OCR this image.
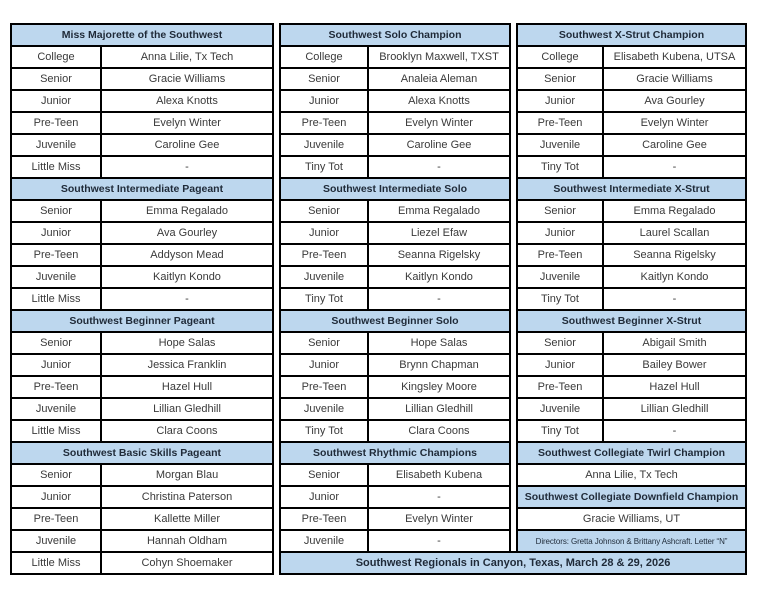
Miss Majorette of the Southwest
College	Anna Lilie, Tx Tech
Senior	Gracie Williams
Junior	Alexa Knotts
Pre-Teen	Evelyn Winter
Juvenile	Caroline Gee
Little Miss	-
Southwest Intermediate Pageant
Senior	Emma Regalado
Junior	Ava Gourley
Pre-Teen	Addyson Mead
Juvenile	Kaitlyn Kondo
Little Miss	-
Southwest Beginner Pageant
Senior	Hope Salas
Junior	Jessica Franklin
Pre-Teen	Hazel Hull
Juvenile	Lillian Gledhill
Little Miss	Clara Coons
Southwest Basic Skills Pageant
Senior	Morgan Blau
Junior	Christina Paterson
Pre-Teen	Kallette Miller
Juvenile	Hannah Oldham
Little Miss	Cohyn Shoemaker
Southwest Solo Champion
College	Brooklyn Maxwell, TXST
Senior	Analeia Aleman
Junior	Alexa Knotts
Pre-Teen	Evelyn Winter
Juvenile	Caroline Gee
Tiny Tot	-
Southwest Intermediate Solo
Senior	Emma Regalado
Junior	Liezel Efaw
Pre-Teen	Seanna Rigelsky
Juvenile	Kaitlyn Kondo
Tiny Tot	-
Southwest Beginner Solo
Senior	Hope Salas
Junior	Brynn Chapman
Pre-Teen	Kingsley Moore
Juvenile	Lillian Gledhill
Tiny Tot	Clara Coons
Southwest Rhythmic Champions
Senior	Elisabeth Kubena
Junior	-
Pre-Teen	Evelyn Winter
Juvenile	-
Southwest X-Strut Champion
College	Elisabeth Kubena, UTSA
Senior	Gracie Williams
Junior	Ava Gourley
Pre-Teen	Evelyn Winter
Juvenile	Caroline Gee
Tiny Tot	-
Southwest Intermediate X-Strut
Senior	Emma Regalado
Junior	Laurel Scallan
Pre-Teen	Seanna Rigelsky
Juvenile	Kaitlyn Kondo
Tiny Tot	-
Southwest Beginner X-Strut
Senior	Abigail Smith
Junior	Bailey Bower
Pre-Teen	Hazel Hull
Juvenile	Lillian Gledhill
Tiny Tot	-
Southwest Collegiate Twirl Champion
Anna Lilie, Tx Tech
Southwest Collegiate Downfield Champion
Gracie Williams, UT
Directors: Gretta Johnson & Brittany Ashcraft. Letter “N”
Southwest Regionals in Canyon, Texas, March 28 & 29, 2026
